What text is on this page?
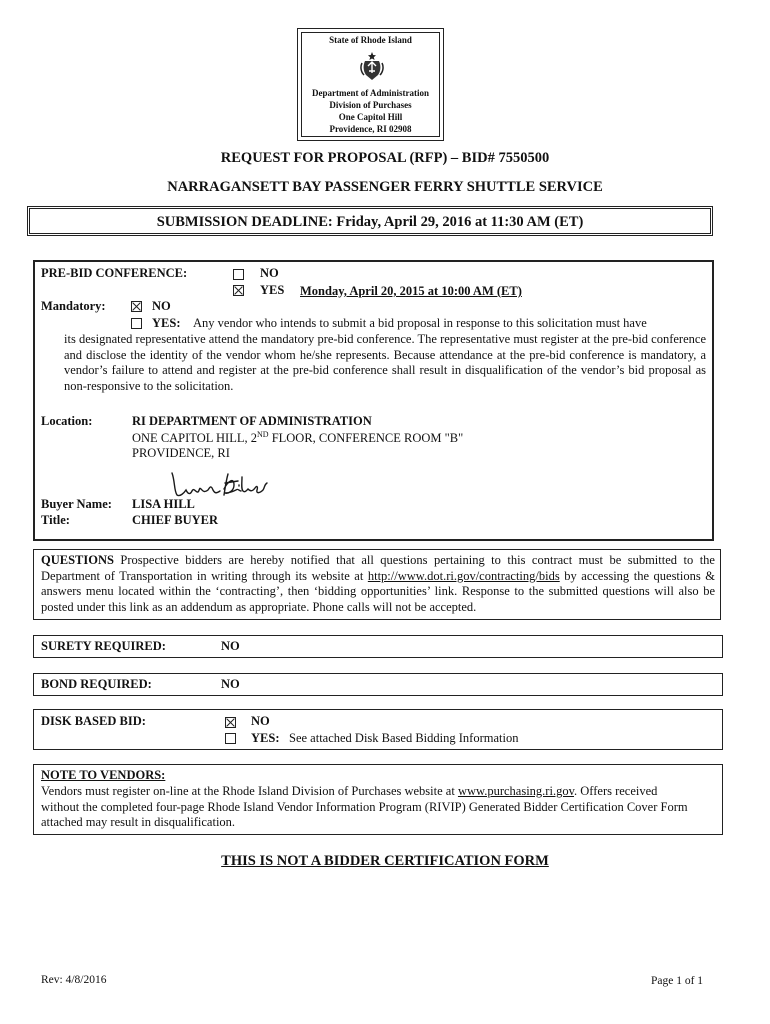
State of Rhode Island
Department of Administration
Division of Purchases
One Capitol Hill
Providence, RI 02908
REQUEST FOR PROPOSAL (RFP) – BID# 7550500
NARRAGANSETT BAY PASSENGER FERRY SHUTTLE SERVICE
SUBMISSION DEADLINE: Friday, April 29, 2016 at 11:30 AM (ET)
PRE-BID CONFERENCE:	NO
YES Monday, April 20, 2015 at 10:00 AM (ET)
Mandatory:	NO
YES: Any vendor who intends to submit a bid proposal in response to this solicitation must have
its designated representative attend the mandatory pre-bid conference. The representative must register at the pre-bid conference and disclose the identity of the vendor whom he/she represents. Because attendance at the pre-bid conference is mandatory, a vendor’s failure to attend and register at the pre-bid conference shall result in disqualification of the vendor’s bid proposal as non-responsive to the solicitation.
Location:	RI DEPARTMENT OF ADMINISTRATION
ONE CAPITOL HILL, 2ND FLOOR, CONFERENCE ROOM "B"
PROVIDENCE, RI
Buyer Name: LISA HILL
Title:	CHIEF BUYER
QUESTIONS Prospective bidders are hereby notified that all questions pertaining to this contract must be submitted to the Department of Transportation in writing through its website at http://www.dot.ri.gov/contracting/bids by accessing the questions & answers menu located within the ‘contracting’, then ‘bidding opportunities’ link. Response to the submitted questions will also be posted under this link as an addendum as appropriate. Phone calls will not be accepted.
SURETY REQUIRED:	NO
BOND REQUIRED:	NO
DISK BASED BID:	NO
YES: See attached Disk Based Bidding Information
NOTE TO VENDORS:
Vendors must register on-line at the Rhode Island Division of Purchases website at www.purchasing.ri.gov. Offers received without the completed four-page Rhode Island Vendor Information Program (RIVIP) Generated Bidder Certification Cover Form attached may result in disqualification.
THIS IS NOT A BIDDER CERTIFICATION FORM
Rev: 4/8/2016	Page 1 of 1
